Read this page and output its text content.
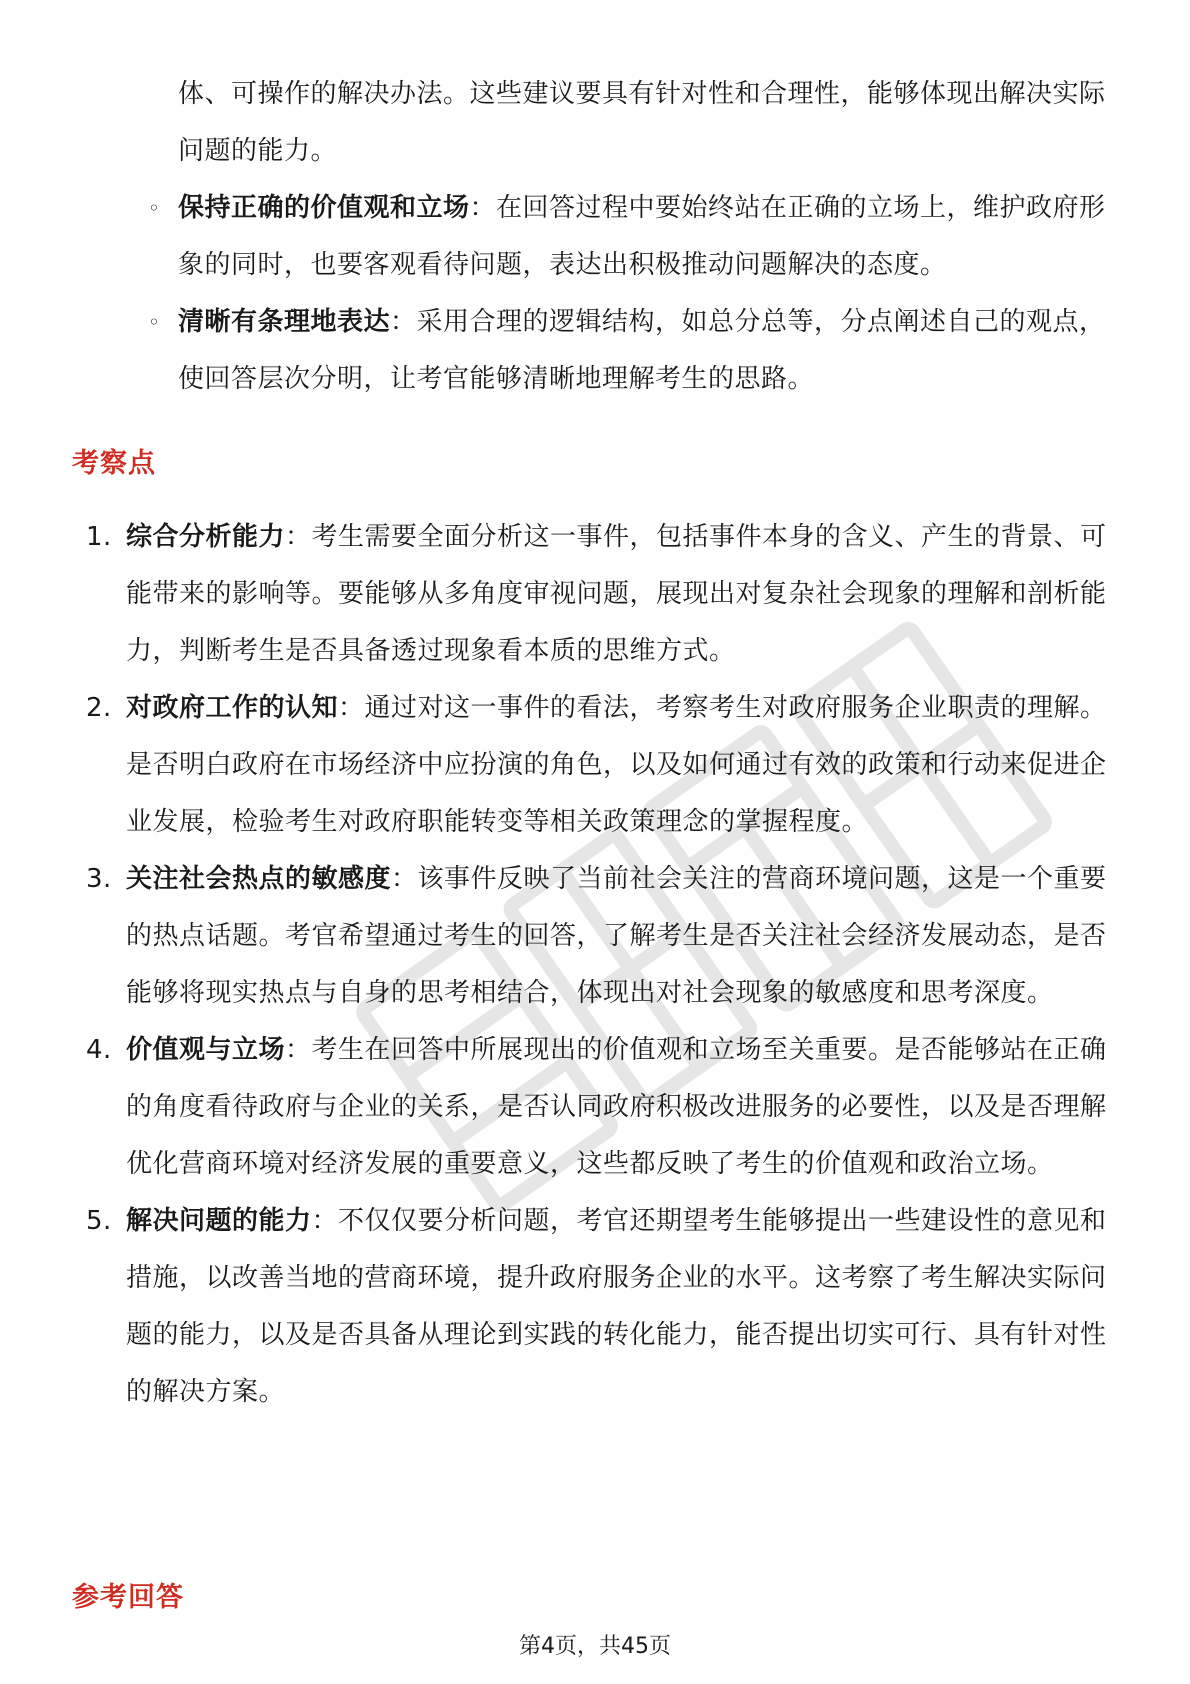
体、可操作的解决办法。这些建议要具有针对性和合理性，能够体现出解决实际问题的能力。
◦ 保持正确的价值观和立场：在回答过程中要始终站在正确的立场上，维护政府形象的同时，也要客观看待问题，表达出积极推动问题解决的态度。
◦ 清晰有条理地表达：采用合理的逻辑结构，如总分总等，分点阐述自己的观点，使回答层次分明，让考官能够清晰地理解考生的思路。
考察点
1. 综合分析能力：考生需要全面分析这一事件，包括事件本身的含义、产生的背景、可能带来的影响等。要能够从多角度审视问题，展现出对复杂社会现象的理解和剖析能力，判断考生是否具备透过现象看本质的思维方式。
2. 对政府工作的认知：通过对这一事件的看法，考察考生对政府服务企业职责的理解。是否明白政府在市场经济中应扮演的角色，以及如何通过有效的政策和行动来促进企业发展，检验考生对政府职能转变等相关政策理念的掌握程度。
3. 关注社会热点的敏感度：该事件反映了当前社会关注的营商环境问题，这是一个重要的热点话题。考官希望通过考生的回答，了解考生是否关注社会经济发展动态，是否能够将现实热点与自身的思考相结合，体现出对社会现象的敏感度和思考深度。
4. 价值观与立场：考生在回答中所展现出的价值观和立场至关重要。是否能够站在正确的角度看待政府与企业的关系，是否认同政府积极改进服务的必要性，以及是否理解优化营商环境对经济发展的重要意义，这些都反映了考生的价值观和政治立场。
5. 解决问题的能力：不仅仅要分析问题，考官还期望考生能够提出一些建设性的意见和措施，以改善当地的营商环境，提升政府服务企业的水平。这考察了考生解决实际问题的能力，以及是否具备从理论到实践的转化能力，能否提出切实可行、具有针对性的解决方案。
参考回答
第4页，共45页
